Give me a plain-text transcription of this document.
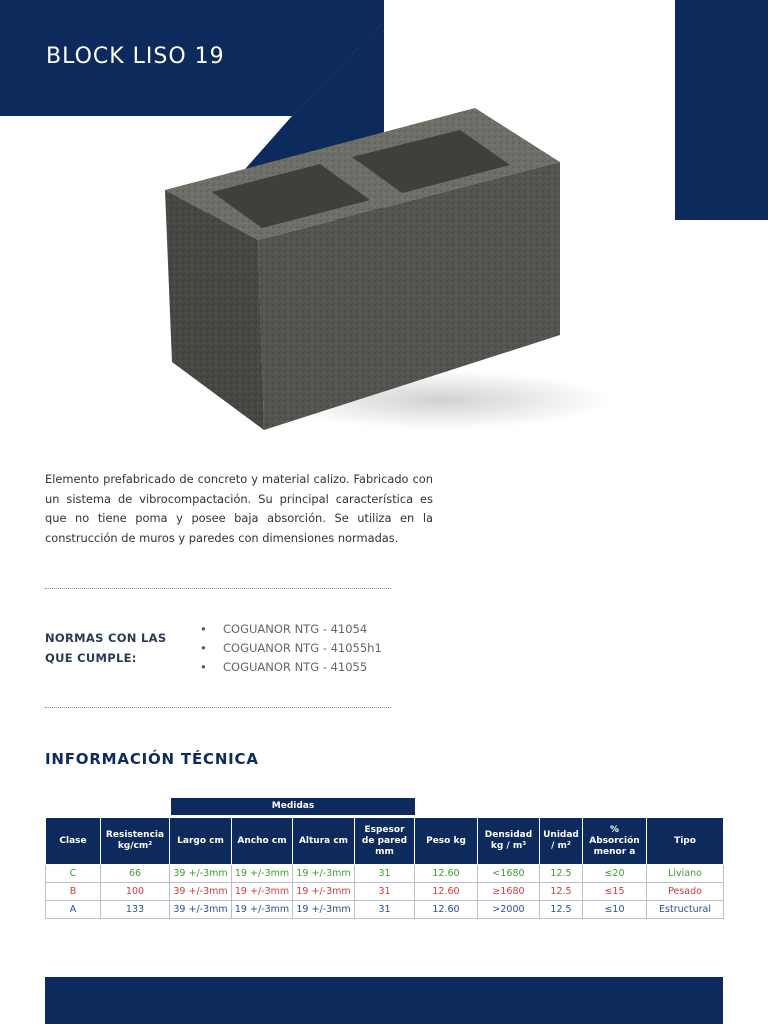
BLOCK LISO 19

Elemento prefabricado de concreto y material calizo. Fabricado con un sistema de vibrocompactación. Su principal característica es que no tiene poma y posee baja absorción. Se utiliza en la construcción de muros y paredes con dimensiones normadas.

NORMAS CON LAS QUE CUMPLE:
• COGUANOR NTG - 41054
• COGUANOR NTG - 41055h1
• COGUANOR NTG - 41055
INFORMACIÓN TÉCNICA
Medidas
Clase	Resistencia kg/cm²	Largo cm	Ancho cm	Altura cm	Espesor de pared mm	Peso kg	Densidad kg / m³	Unidad / m²	% Absorción menor a	Tipo
C	66	39 +/-3mm	19 +/-3mm	19 +/-3mm	31	12.60	<1680	12.5	≤20	Liviano
B	100	39 +/-3mm	19 +/-3mm	19 +/-3mm	31	12.60	≥1680	12.5	≤15	Pesado
A	133	39 +/-3mm	19 +/-3mm	19 +/-3mm	31	12.60	>2000	12.5	≤10	Estructural
